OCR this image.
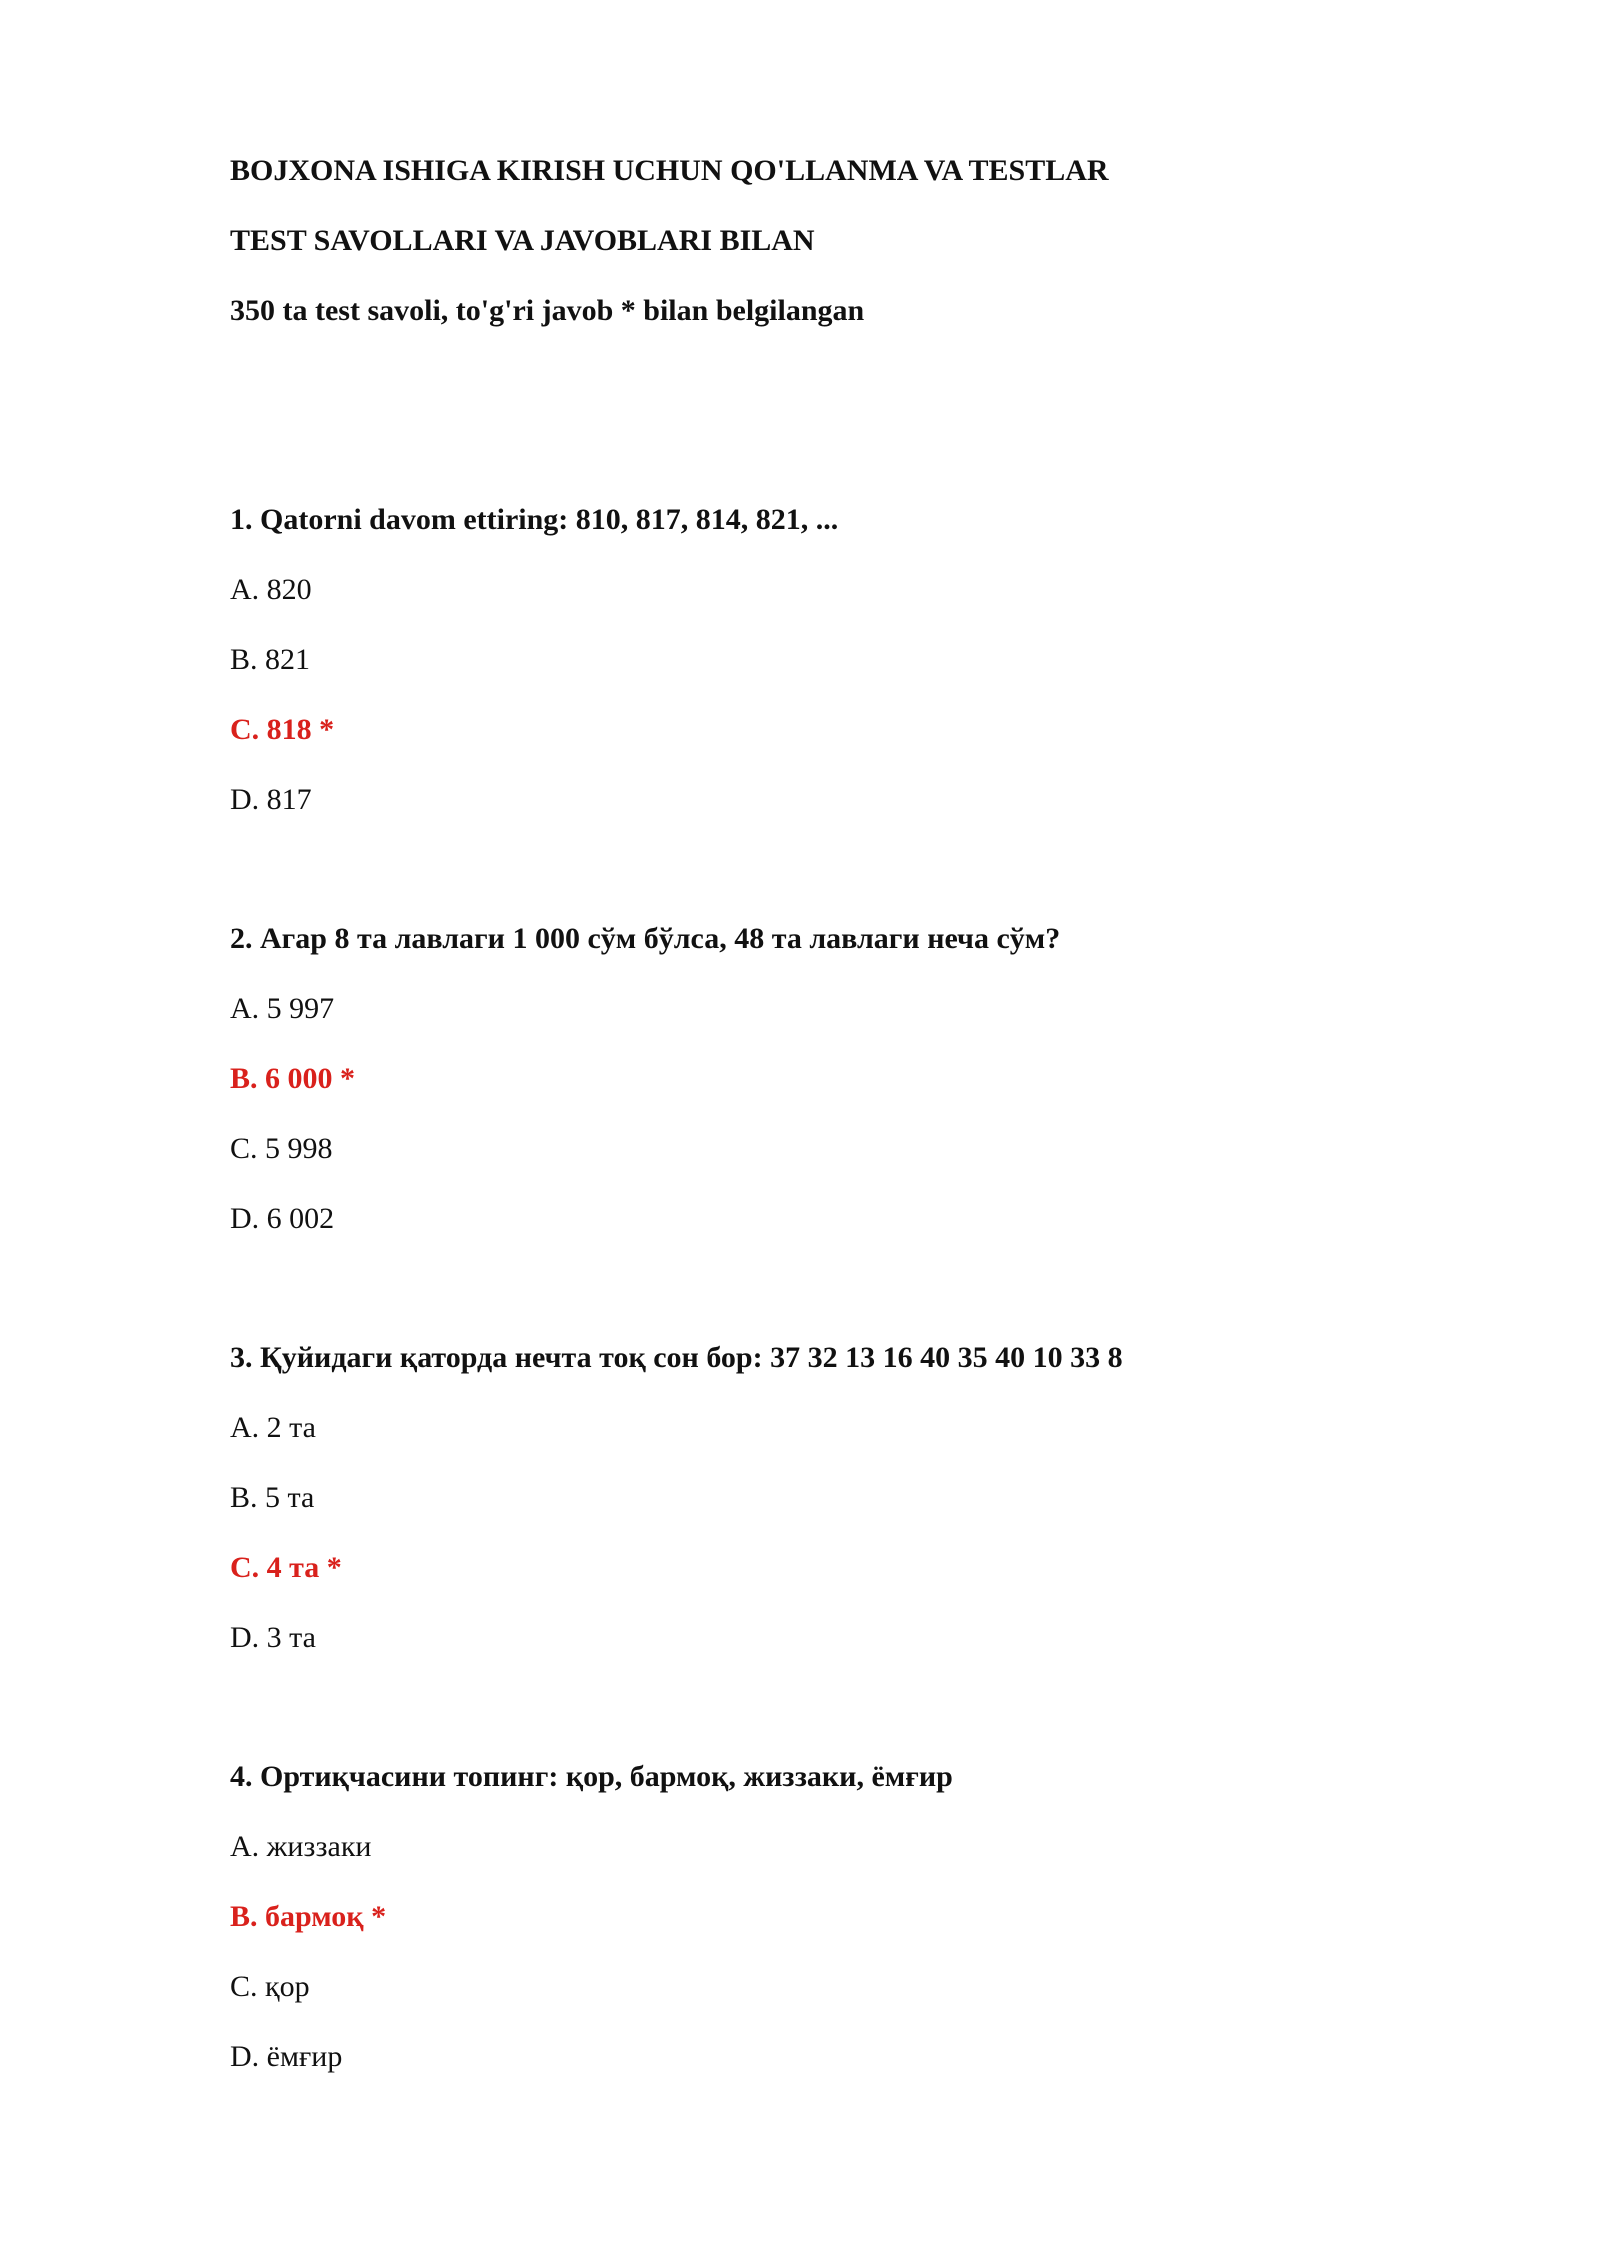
BOJXONA ISHIGA KIRISH UCHUN QO'LLANMA VA TESTLAR
TEST SAVOLLARI VA JAVOBLARI BILAN
350 ta test savoli, to'g'ri javob * bilan belgilangan
1. Qatorni davom ettiring: 810, 817, 814, 821, ...
A. 820
B. 821
C. 818 *
D. 817
2. Агар 8 та лавлаги 1 000 сўм бўлса, 48 та лавлаги неча сўм?
A. 5 997
B. 6 000 *
C. 5 998
D. 6 002
3. Қуйидаги қаторда нечта тоқ сон бор: 37 32 13 16 40 35 40 10 33 8
A. 2 та
B. 5 та
C. 4 та *
D. 3 та
4. Ортиқчасини топинг: қор, бармоқ, жиззаки, ёмғир
A. жиззаки
B. бармоқ *
C. қор
D. ёмғир
